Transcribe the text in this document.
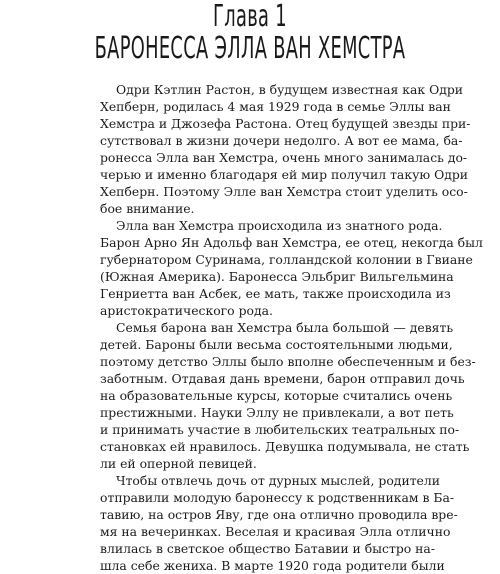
Глава 1
БАРОНЕССА ЭЛЛА ВАН ХЕМСТРА
Одри Кэтлин Растон, в будущем известная как Одри
Хепберн, родилась 4 мая 1929 года в семье Эллы ван
Хемстра и Джозефа Растона. Отец будущей звезды при-
сутствовал в жизни дочери недолго. А вот ее мама, ба-
ронесса Элла ван Хемстра, очень много занималась до-
черью и именно благодаря ей мир получил такую Одри
Хепберн. Поэтому Элле ван Хемстра стоит уделить осо-
бое внимание.
Элла ван Хемстра происходила из знатного рода.
Барон Арно Ян Адольф ван Хемстра, ее отец, некогда был
губернатором Суринама, голландской колонии в Гвиане
(Южная Америка). Баронесса Эльбриг Вильгельмина
Генриетта ван Асбек, ее мать, также происходила из
аристократического рода.
Семья барона ван Хемстра была большой — девять
детей. Бароны были весьма состоятельными людьми,
поэтому детство Эллы было вполне обеспеченным и без-
заботным. Отдавая дань времени, барон отправил дочь
на образовательные курсы, которые считались очень
престижными. Науки Эллу не привлекали, а вот петь
и принимать участие в любительских театральных по-
становках ей нравилось. Девушка подумывала, не стать
ли ей оперной певицей.
Чтобы отвлечь дочь от дурных мыслей, родители
отправили молодую баронессу к родственникам в Ба-
тавию, на остров Яву, где она отлично проводила вре-
мя на вечеринках. Веселая и красивая Элла отлично
влилась в светское общество Батавии и быстро на-
шла себе жениха. В марте 1920 года родители были
